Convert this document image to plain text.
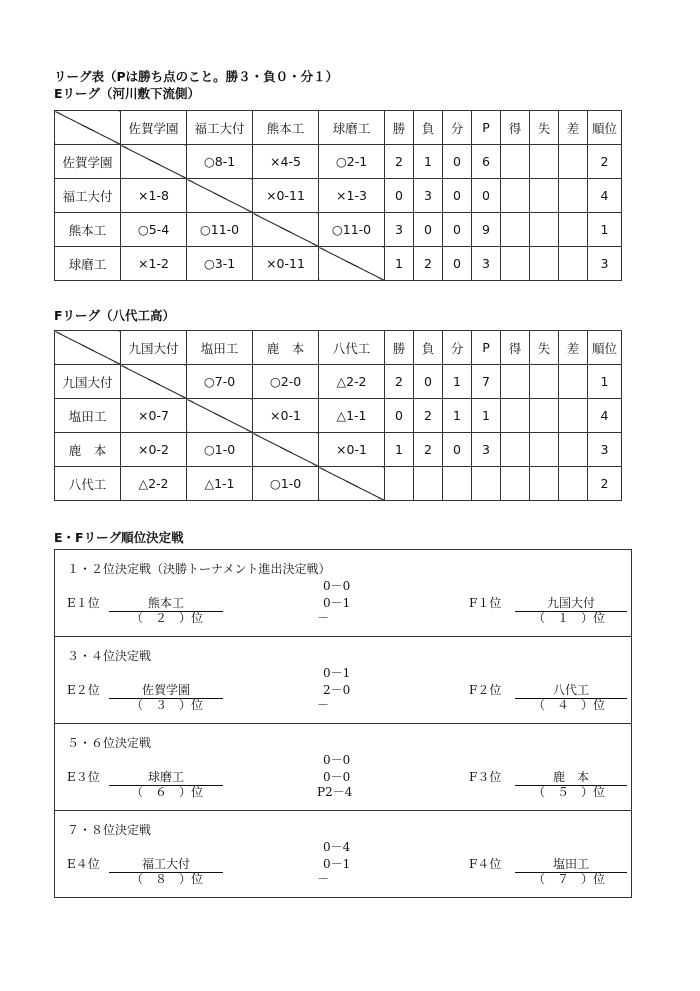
リーグ表（Pは勝ち点のこと。勝３・負０・分１）
Eリーグ（河川敷下流側）
Fリーグ（八代工高）
E・Fリーグ順位決定戦
	佐賀学園	福工大付	熊本工	球磨工	勝	負	分	P	得	失	差	順位
佐賀学園		○8-1	×4-5	○2-1	2	1	0	6				2
福工大付	×1-8		×0-11	×1-3	0	3	0	0				4
熊本工	○5-4	○11-0		○11-0	3	0	0	9				1
球磨工	×1-2	○3-1	×0-11		1	2	0	3				3
	九国大付	塩田工	鹿　本	八代工	勝	負	分	P	得	失	差	順位
九国大付		○7-0	○2-0	△2-2	2	0	1	7				1
塩田工	×0-7		×0-1	△1-1	0	2	1	1				4
鹿　本	×0-2	○1-0		×0-1	1	2	0	3				3
八代工	△2-2	△1-1	○1-0									2
１・２位決定戦（決勝トーナメント進出決定戦）
0－0
E１位	0－1	F１位
（　２　）位	－	（　１　）位
熊本工	九国大付
３・４位決定戦
0－1
E２位	2－0	F２位
（　３　）位	－	（　４　）位
佐賀学園	八代工
５・６位決定戦
0－0
E３位	0－0	F３位
（　６　）位	P2－4	（　５　）位
球磨工	鹿　本
７・８位決定戦
0－4
E４位	0－1	F４位
（　８　）位	－	（　７　）位
福工大付	塩田工
